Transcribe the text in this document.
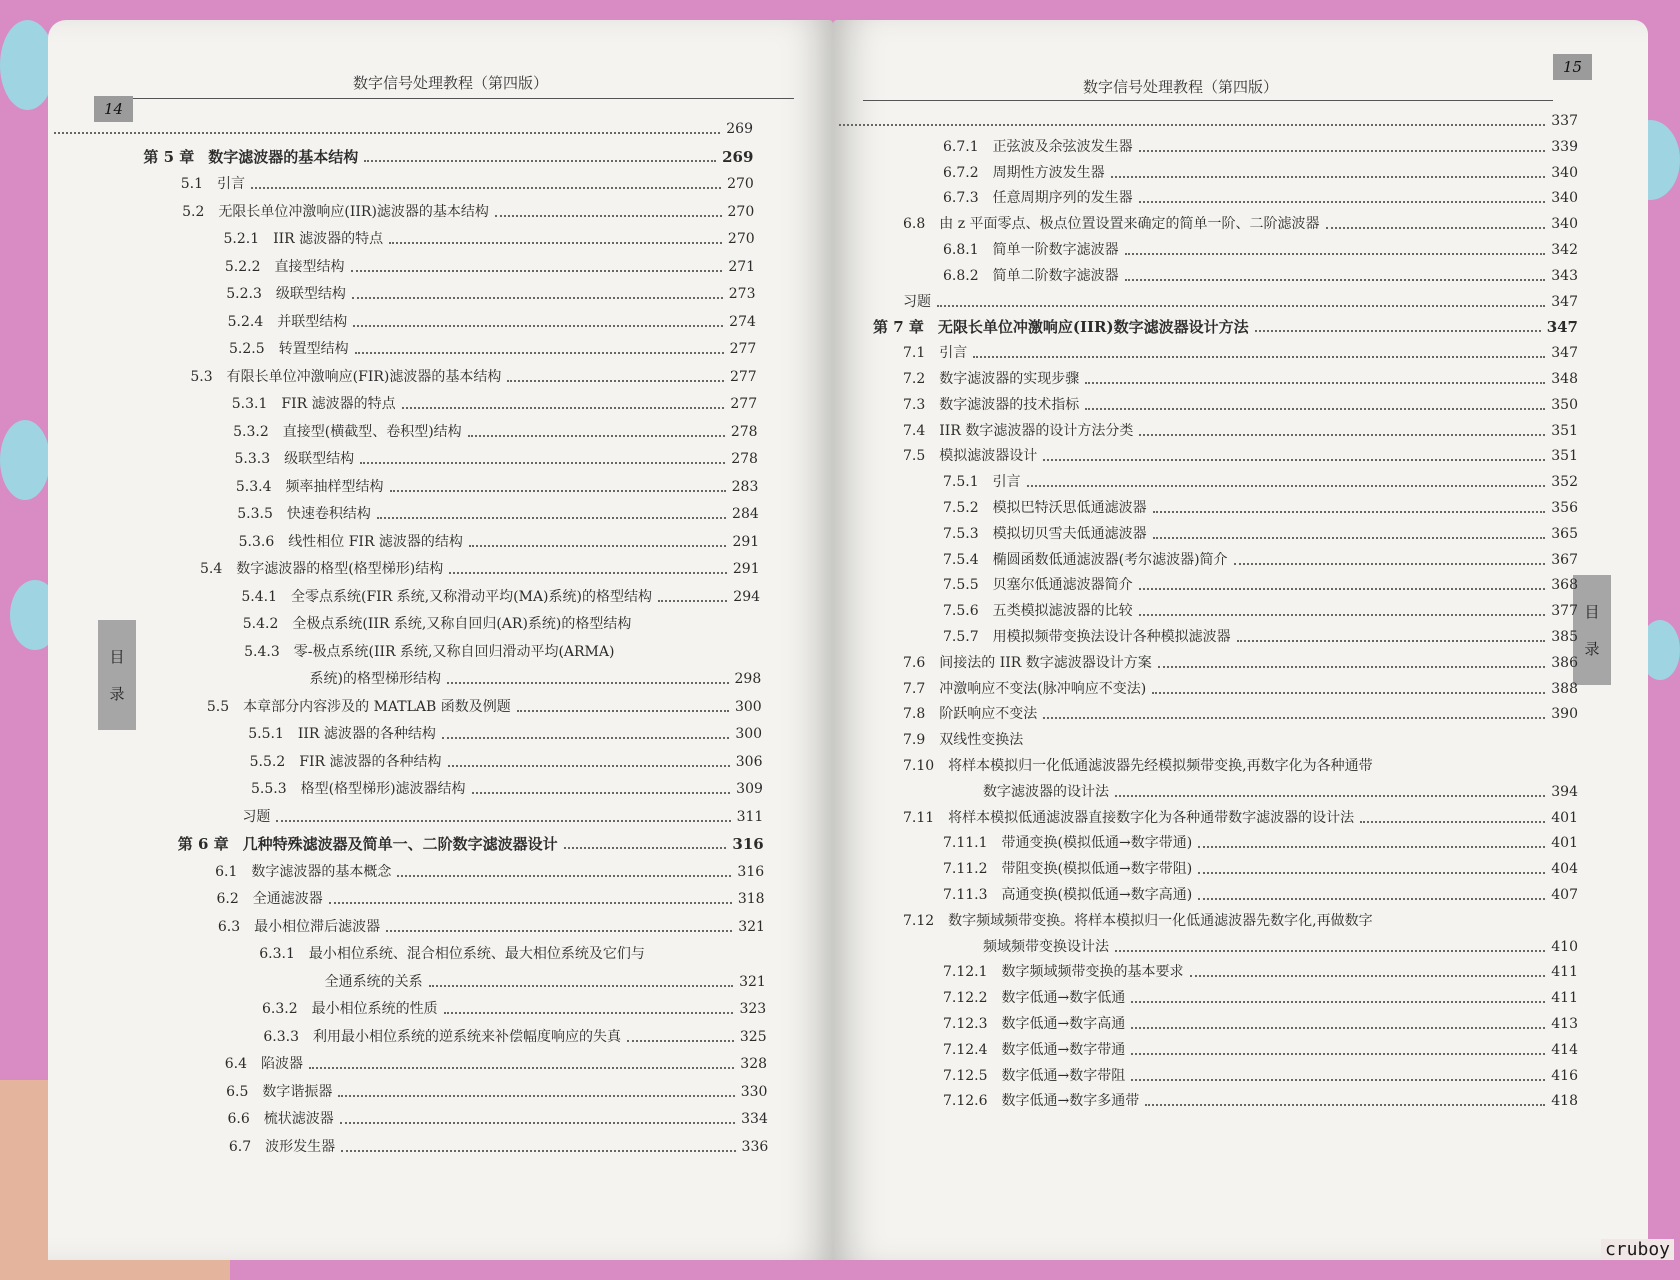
数字信号处理教程（第四版）
14
目
录
269
第 5 章 数字滤波器的基本结构	269
5.1 引言	270
5.2 无限长单位冲激响应(IIR)滤波器的基本结构	270
5.2.1 IIR 滤波器的特点	270
5.2.2 直接型结构	271
5.2.3 级联型结构	273
5.2.4 并联型结构	274
5.2.5 转置型结构	277
5.3 有限长单位冲激响应(FIR)滤波器的基本结构	277
5.3.1 FIR 滤波器的特点	277
5.3.2 直接型(横截型、卷积型)结构	278
5.3.3 级联型结构	278
5.3.4 频率抽样型结构	283
5.3.5 快速卷积结构	284
5.3.6 线性相位 FIR 滤波器的结构	291
5.4 数字滤波器的格型(格型梯形)结构	291
5.4.1 全零点系统(FIR 系统,又称滑动平均(MA)系统)的格型结构	294
5.4.2 全极点系统(IIR 系统,又称自回归(AR)系统)的格型结构
5.4.3 零-极点系统(IIR 系统,又称自回归滑动平均(ARMA)
系统)的格型梯形结构	298
5.5 本章部分内容涉及的 MATLAB 函数及例题	300
5.5.1 IIR 滤波器的各种结构	300
5.5.2 FIR 滤波器的各种结构	306
5.5.3 格型(格型梯形)滤波器结构	309
习题	311
第 6 章 几种特殊滤波器及简单一、二阶数字滤波器设计	316
6.1 数字滤波器的基本概念	316
6.2 全通滤波器	318
6.3 最小相位滞后滤波器	321
6.3.1 最小相位系统、混合相位系统、最大相位系统及它们与
全通系统的关系	321
6.3.2 最小相位系统的性质	323
6.3.3 利用最小相位系统的逆系统来补偿幅度响应的失真	325
6.4 陷波器	328
6.5 数字谐振器	330
6.6 梳状滤波器	334
6.7 波形发生器	336
数字信号处理教程（第四版）
15
目
录
337
6.7.1 正弦波及余弦波发生器	339
6.7.2 周期性方波发生器	340
6.7.3 任意周期序列的发生器	340
6.8 由 z 平面零点、极点位置设置来确定的简单一阶、二阶滤波器	340
6.8.1 简单一阶数字滤波器	342
6.8.2 简单二阶数字滤波器	343
习题	347
第 7 章 无限长单位冲激响应(IIR)数字滤波器设计方法	347
7.1 引言	347
7.2 数字滤波器的实现步骤	348
7.3 数字滤波器的技术指标	350
7.4 IIR 数字滤波器的设计方法分类	351
7.5 模拟滤波器设计	351
7.5.1 引言	352
7.5.2 模拟巴特沃思低通滤波器	356
7.5.3 模拟切贝雪夫低通滤波器	365
7.5.4 椭圆函数低通滤波器(考尔滤波器)简介	367
7.5.5 贝塞尔低通滤波器简介	368
7.5.6 五类模拟滤波器的比较	377
7.5.7 用模拟频带变换法设计各种模拟滤波器	385
7.6 间接法的 IIR 数字滤波器设计方案	386
7.7 冲激响应不变法(脉冲响应不变法)	388
7.8 阶跃响应不变法	390
7.9 双线性变换法
7.10 将样本模拟归一化低通滤波器先经模拟频带变换,再数字化为各种通带
数字滤波器的设计法	394
7.11 将样本模拟低通滤波器直接数字化为各种通带数字滤波器的设计法	401
7.11.1 带通变换(模拟低通→数字带通)	401
7.11.2 带阻变换(模拟低通→数字带阻)	404
7.11.3 高通变换(模拟低通→数字高通)	407
7.12 数字频域频带变换。将样本模拟归一化低通滤波器先数字化,再做数字
频域频带变换设计法	410
7.12.1 数字频域频带变换的基本要求	411
7.12.2 数字低通→数字低通	411
7.12.3 数字低通→数字高通	413
7.12.4 数字低通→数字带通	414
7.12.5 数字低通→数字带阻	416
7.12.6 数字低通→数字多通带	418
cruboy
